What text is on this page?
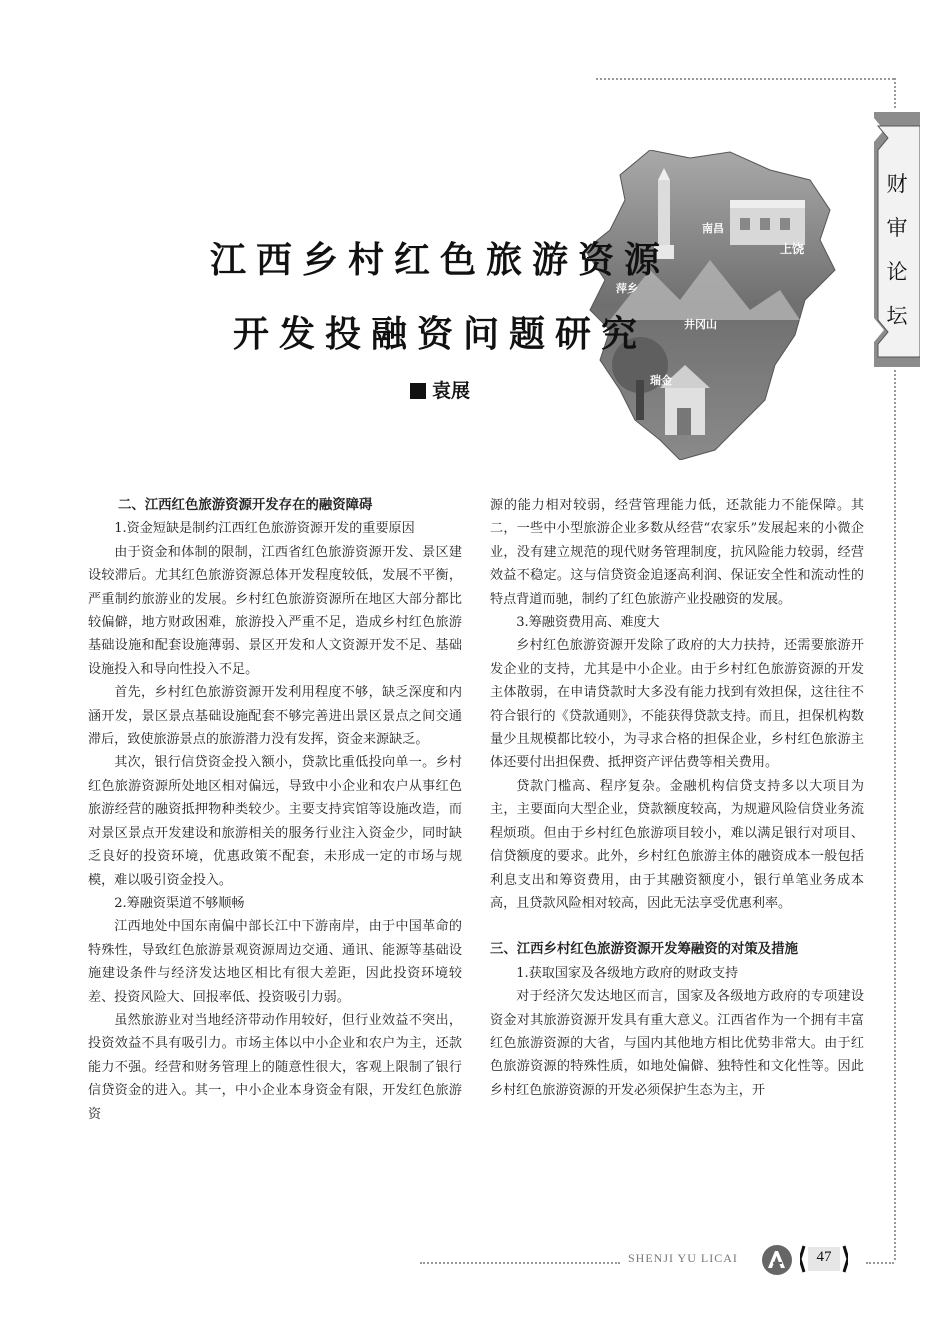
南昌
上饶
萍乡
井冈山
瑞金
江西乡村红色旅游资源
开发投融资问题研究
袁展
财
审
论
坛

二、江西红色旅游资源开发存在的融资障碍

1.资金短缺是制约江西红色旅游资源开发的重要原因

由于资金和体制的限制，江西省红色旅游资源开发、景区建设较滞后。尤其红色旅游资源总体开发程度较低，发展不平衡，严重制约旅游业的发展。乡村红色旅游资源所在地区大部分都比较偏僻，地方财政困难，旅游投入严重不足，造成乡村红色旅游基础设施和配套设施薄弱、景区开发和人文资源开发不足、基础设施投入和导向性投入不足。

首先，乡村红色旅游资源开发利用程度不够，缺乏深度和内涵开发，景区景点基础设施配套不够完善进出景区景点之间交通滞后，致使旅游景点的旅游潜力没有发挥，资金来源缺乏。

其次，银行信贷资金投入额小，贷款比重低投向单一。乡村红色旅游资源所处地区相对偏远，导致中小企业和农户从事红色旅游经营的融资抵押物种类较少。主要支持宾馆等设施改造，而对景区景点开发建设和旅游相关的服务行业注入资金少，同时缺乏良好的投资环境，优惠政策不配套，未形成一定的市场与规模，难以吸引资金投入。

2.筹融资渠道不够顺畅

江西地处中国东南偏中部长江中下游南岸，由于中国革命的特殊性，导致红色旅游景观资源周边交通、通讯、能源等基础设施建设条件与经济发达地区相比有很大差距，因此投资环境较差、投资风险大、回报率低、投资吸引力弱。

虽然旅游业对当地经济带动作用较好，但行业效益不突出，投资效益不具有吸引力。市场主体以中小企业和农户为主，还款能力不强。经营和财务管理上的随意性很大，客观上限制了银行信贷资金的进入。其一，中小企业本身资金有限，开发红色旅游资

源的能力相对较弱，经营管理能力低，还款能力不能保障。其二，一些中小型旅游企业多数从经营“农家乐”发展起来的小微企业，没有建立规范的现代财务管理制度，抗风险能力较弱，经营效益不稳定。这与信贷资金追逐高利润、保证安全性和流动性的特点背道而驰，制约了红色旅游产业投融资的发展。

3.筹融资费用高、难度大

乡村红色旅游资源开发除了政府的大力扶持，还需要旅游开发企业的支持，尤其是中小企业。由于乡村红色旅游资源的开发主体散弱，在申请贷款时大多没有能力找到有效担保，这往往不符合银行的《贷款通则》，不能获得贷款支持。而且，担保机构数量少且规模都比较小，为寻求合格的担保企业，乡村红色旅游主体还要付出担保费、抵押资产评估费等相关费用。

贷款门槛高、程序复杂。金融机构信贷支持多以大项目为主，主要面向大型企业，贷款额度较高，为规避风险信贷业务流程烦琐。但由于乡村红色旅游项目较小，难以满足银行对项目、信贷额度的要求。此外，乡村红色旅游主体的融资成本一般包括利息支出和筹资费用，由于其融资额度小，银行单笔业务成本高，且贷款风险相对较高，因此无法享受优惠利率。

三、江西乡村红色旅游资源开发筹融资的对策及措施

1.获取国家及各级地方政府的财政支持

对于经济欠发达地区而言，国家及各级地方政府的专项建设资金对其旅游资源开发具有重大意义。江西省作为一个拥有丰富红色旅游资源的大省，与国内其他地方相比优势非常大。由于红色旅游资源的特殊性质，如地处偏僻、独特性和文化性等。因此乡村红色旅游资源的开发必须保护生态为主，开

SHENJI YU LICAI	47
